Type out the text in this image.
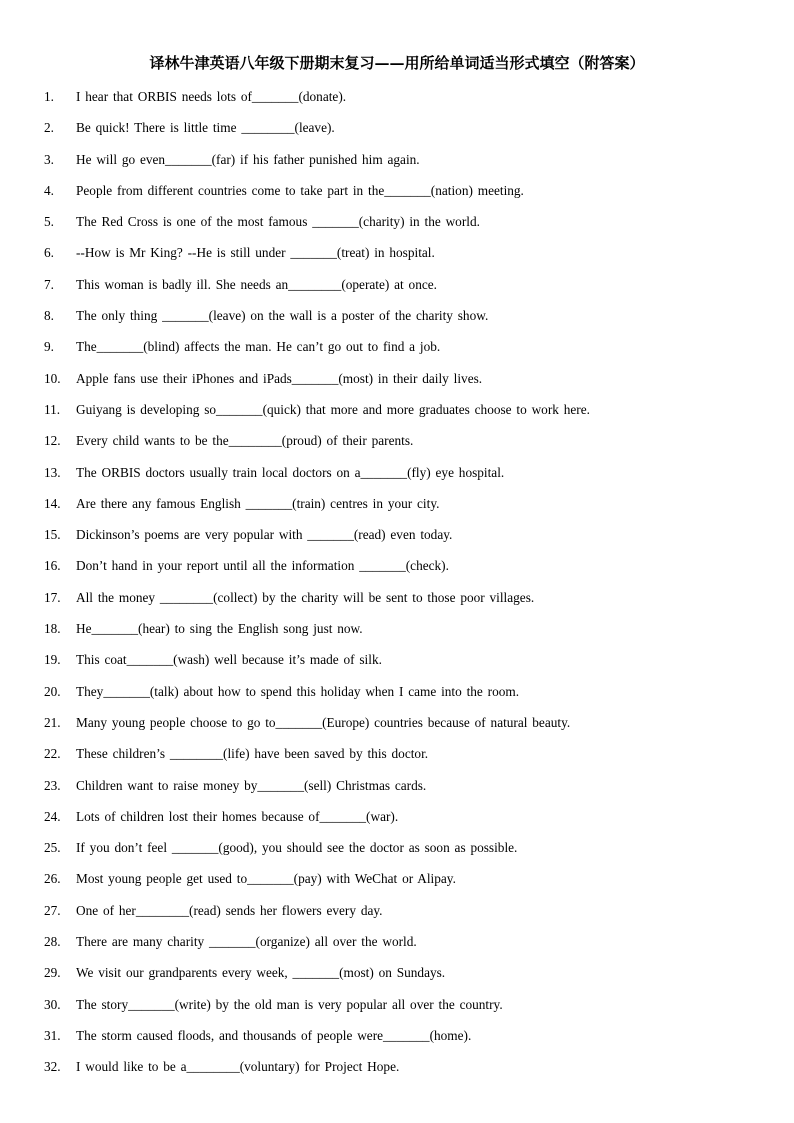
译林牛津英语八年级下册期末复习——用所给单词适当形式填空（附答案）
1.	I hear that ORBIS needs lots of_______(donate).
2.	Be quick! There is little time ________(leave).
3.	He will go even_______(far) if his father punished him again.
4.	People from different countries come to take part in the_______(nation) meeting.
5.	The Red Cross is one of the most famous _______(charity) in the world.
6.	--How is Mr King? --He is still under _______(treat) in hospital.
7.	This woman is badly ill. She needs an________(operate) at once.
8.	The only thing _______(leave) on the wall is a poster of the charity show.
9.	The_______(blind) affects the man. He can’t go out to find a job.
10.	Apple fans use their iPhones and iPads_______(most) in their daily lives.
11.	Guiyang is developing so_______(quick) that more and more graduates choose to work here.
12.	Every child wants to be the________(proud) of their parents.
13.	The ORBIS doctors usually train local doctors on a_______(fly) eye hospital.
14.	Are there any famous English _______(train) centres in your city.
15.	Dickinson’s poems are very popular with _______(read) even today.
16.	Don’t hand in your report until all the information _______(check).
17.	All the money ________(collect) by the charity will be sent to those poor villages.
18.	He_______(hear) to sing the English song just now.
19.	This coat_______(wash) well because it’s made of silk.
20.	They_______(talk) about how to spend this holiday when I came into the room.
21.	Many young people choose to go to_______(Europe) countries because of natural beauty.
22.	These children’s ________(life) have been saved by this doctor.
23.	Children want to raise money by_______(sell) Christmas cards.
24.	Lots of children lost their homes because of_______(war).
25.	If you don’t feel _______(good), you should see the doctor as soon as possible.
26.	Most young people get used to_______(pay) with WeChat or Alipay.
27.	One of her________(read) sends her flowers every day.
28.	There are many charity _______(organize) all over the world.
29.	We visit our grandparents every week, _______(most) on Sundays.
30.	The story_______(write) by the old man is very popular all over the country.
31.	The storm caused floods, and thousands of people were_______(home).
32.	I would like to be a________(voluntary) for Project Hope.
